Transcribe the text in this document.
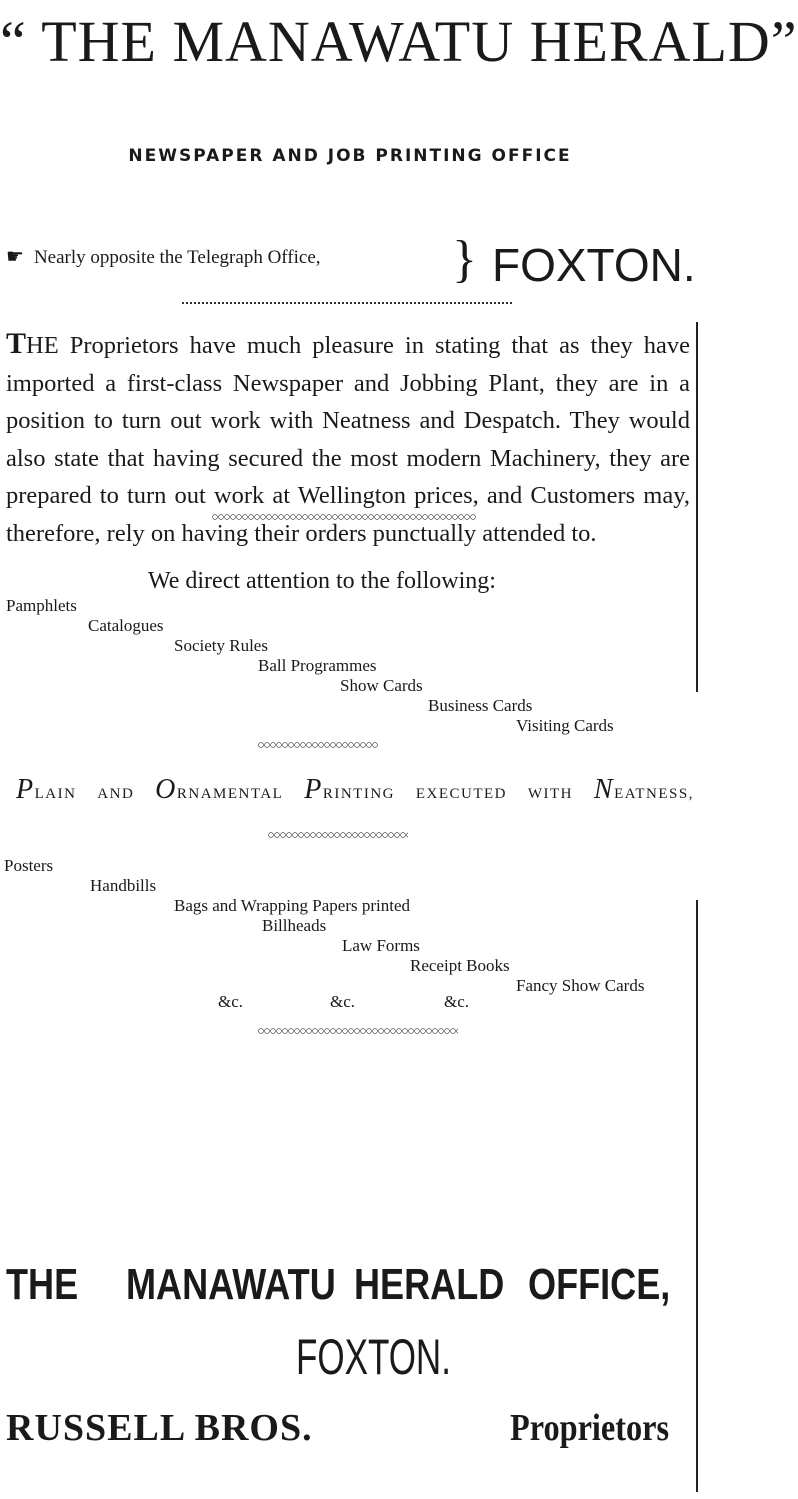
“ THE MANAWATU HERALD”
NEWSPAPER AND JOB PRINTING OFFICE
☛ Nearly opposite the Telegraph Office,	} FOXTON.
THE Proprietors have much pleasure in stating that as they have imported a first-class Newspaper and Jobbing Plant, they are in a position to turn out work with Neatness and Despatch. They would also state that having secured the most modern Machinery, they are prepared to turn out work at Wellington prices, and Customers may, therefore, rely on having their orders punctually attended to.
We direct attention to the following:
Pamphlets
Catalogues
Society Rules
Ball Programmes
Show Cards
Business Cards
Visiting Cards
PLAIN AND ORNAMENTAL PRINTING EXECUTED WITH NEATNESS,
Posters
Handbills
Bags and Wrapping Papers printed
Billheads
Law Forms
Receipt Books
Fancy Show Cards
&c.	&c.	&c.
THE MANAWATU HERALD OFFICE,
FOXTON.
RUSSELL BROS.	Proprietors
